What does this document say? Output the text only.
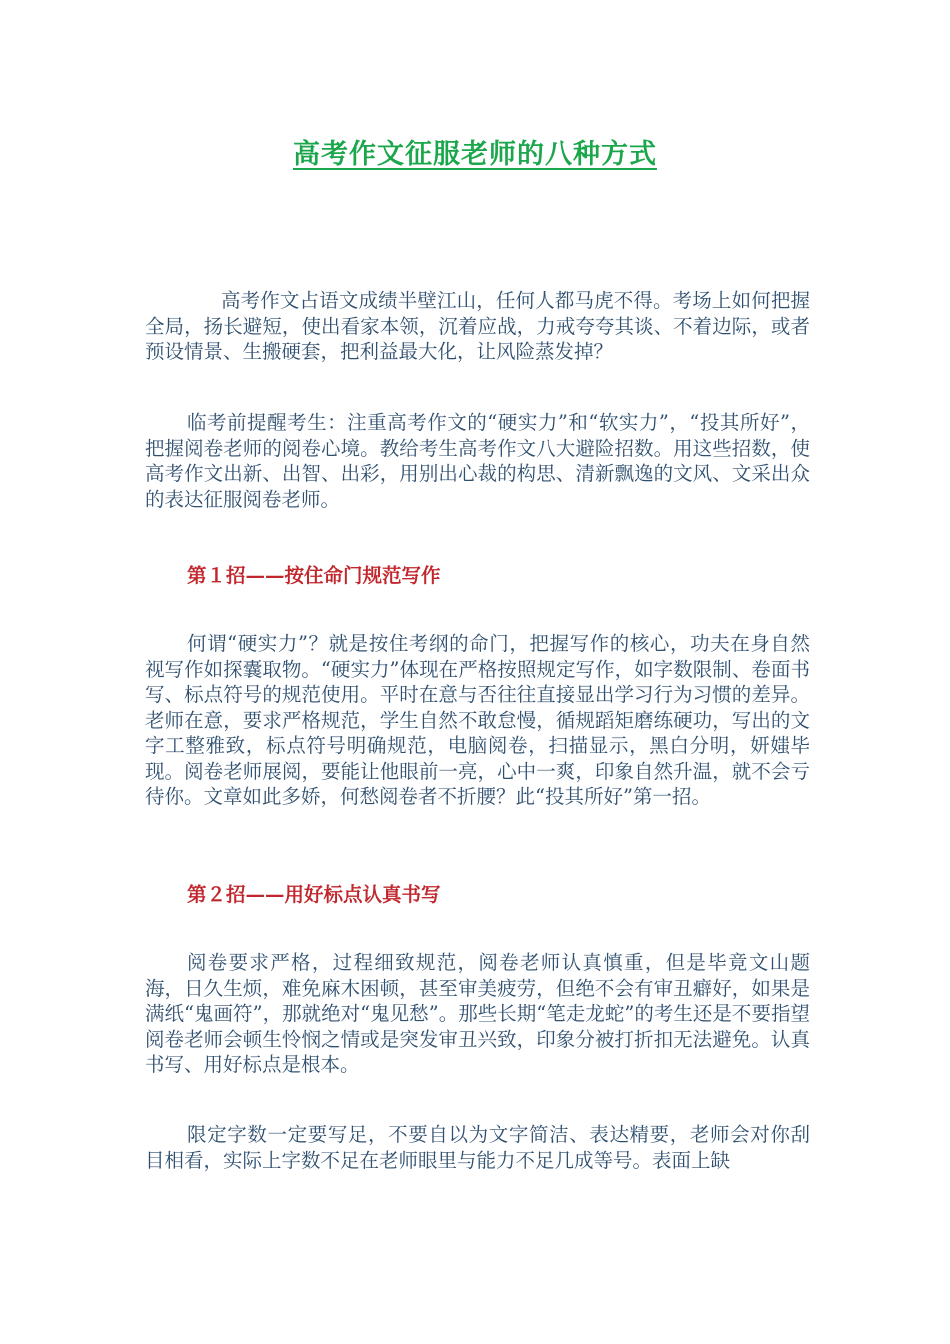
高考作文征服老师的八种方式

高考作文占语文成绩半壁江山，任何人都马虎不得。考场上如何把握全局，扬长避短，使出看家本领，沉着应战，力戒夸夸其谈、不着边际，或者预设情景、生搬硬套，把利益最大化，让风险蒸发掉？

临考前提醒考生：注重高考作文的“硬实力”和“软实力”，“投其所好”，把握阅卷老师的阅卷心境。教给考生高考作文八大避险招数。用这些招数，使高考作文出新、出智、出彩，用别出心裁的构思、清新飘逸的文风、文采出众的表达征服阅卷老师。

第１招——按住命门规范写作

何谓“硬实力”？就是按住考纲的命门，把握写作的核心，功夫在身自然视写作如探囊取物。“硬实力”体现在严格按照规定写作，如字数限制、卷面书写、标点符号的规范使用。平时在意与否往往直接显出学习行为习惯的差异。老师在意，要求严格规范，学生自然不敢怠慢，循规蹈矩磨练硬功，写出的文字工整雅致，标点符号明确规范，电脑阅卷，扫描显示，黑白分明，妍媸毕现。阅卷老师展阅，要能让他眼前一亮，心中一爽，印象自然升温，就不会亏待你。文章如此多娇，何愁阅卷者不折腰？此“投其所好”第一招。

第２招——用好标点认真书写

阅卷要求严格，过程细致规范，阅卷老师认真慎重，但是毕竟文山题海，日久生烦，难免麻木困顿，甚至审美疲劳，但绝不会有审丑癖好，如果是满纸“鬼画符”，那就绝对“鬼见愁”。那些长期“笔走龙蛇”的考生还是不要指望阅卷老师会顿生怜悯之情或是突发审丑兴致，印象分被打折扣无法避免。认真书写、用好标点是根本。

限定字数一定要写足，不要自以为文字简洁、表达精要，老师会对你刮目相看，实际上字数不足在老师眼里与能力不足几成等号。表面上缺
